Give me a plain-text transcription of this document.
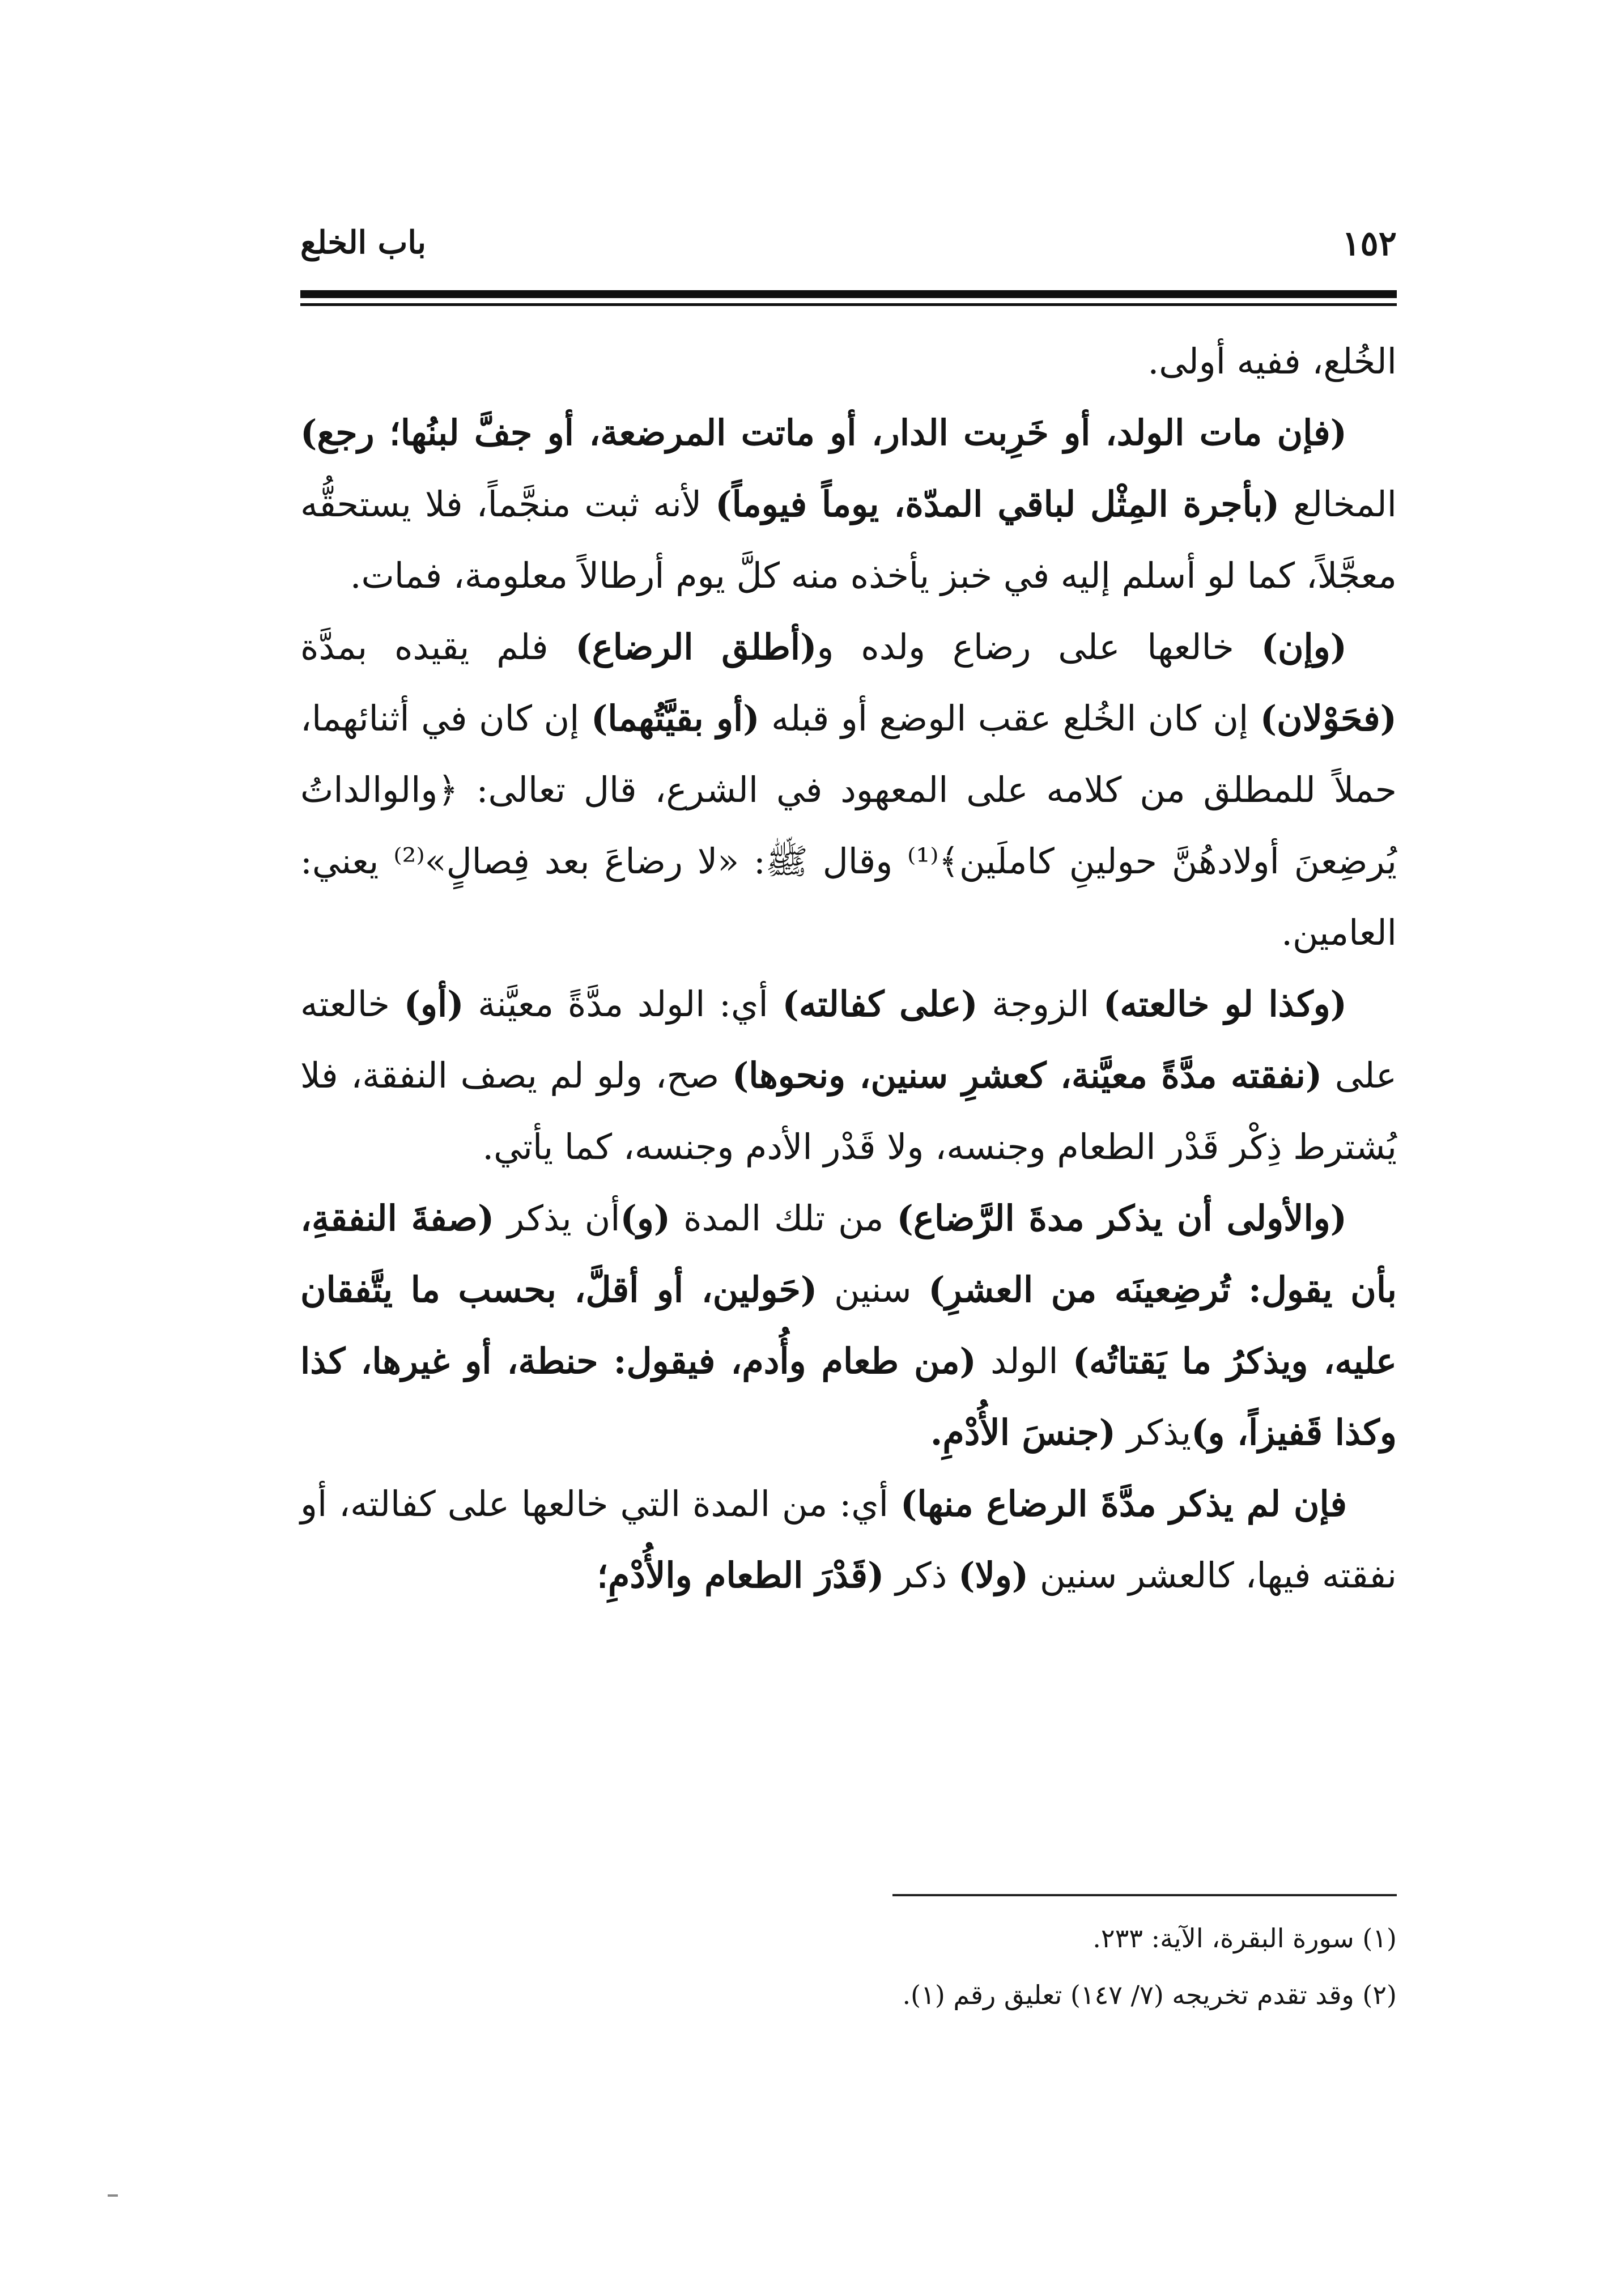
باب الخلع	١٥٢

الخُلع، ففيه أولى.

(فإن مات الولد، أو خَرِبت الدار، أو ماتت المرضعة، أو جفَّ لبنُها؛ رجع) المخالع (بأجرة المِثْل لباقي المدّة، يوماً فيوماً) لأنه ثبت منجَّماً، فلا يستحقُّه معجَّلاً، كما لو أسلم إليه في خبز يأخذه منه كلَّ يوم أرطالاً معلومة، فمات.

(وإن) خالعها على رضاع ولده و(أطلق الرضاع) فلم يقيده بمدَّة (فحَوْلان) إن كان الخُلع عقب الوضع أو قبله (أو بقيَّتُهما) إن كان في أثنائهما، حملاً للمطلق من كلامه على المعهود في الشرع، قال تعالى: ﴿والوالداتُ يُرضِعنَ أولادهُنَّ حولينِ كاملَين﴾⁽¹⁾ وقال ﷺ: «لا رضاعَ بعد فِصالٍ»⁽²⁾ يعني: العامين.

(وكذا لو خالعته) الزوجة (على كفالته) أي: الولد مدَّةً معيَّنة (أو) خالعته على (نفقته مدَّةً معيَّنة، كعشرِ سنين، ونحوها) صح، ولو لم يصف النفقة، فلا يُشترط ذِكْر قَدْر الطعام وجنسه، ولا قَدْر الأدم وجنسه، كما يأتي.

(والأولى أن يذكر مدةَ الرَّضاع) من تلك المدة (و)أن يذكر (صفةَ النفقةِ، بأن يقول: تُرضِعينَه من العشرِ) سنين (حَولين، أو أقلَّ، بحسب ما يتَّفقان عليه، ويذكرُ ما يَقتاتُه) الولد (من طعام وأُدم، فيقول: حنطة، أو غيرها، كذا وكذا قَفيزاً، و)يذكر (جنسَ الأُدْمِ.

فإن لم يذكر مدَّةَ الرضاع منها) أي: من المدة التي خالعها على كفالته، أو نفقته فيها، كالعشر سنين (ولا) ذكر (قَدْرَ الطعام والأُدْمِ؛

(١) سورة البقرة، الآية: ٢٣٣.

(٢) وقد تقدم تخريجه (٧/ ١٤٧) تعليق رقم (١).
